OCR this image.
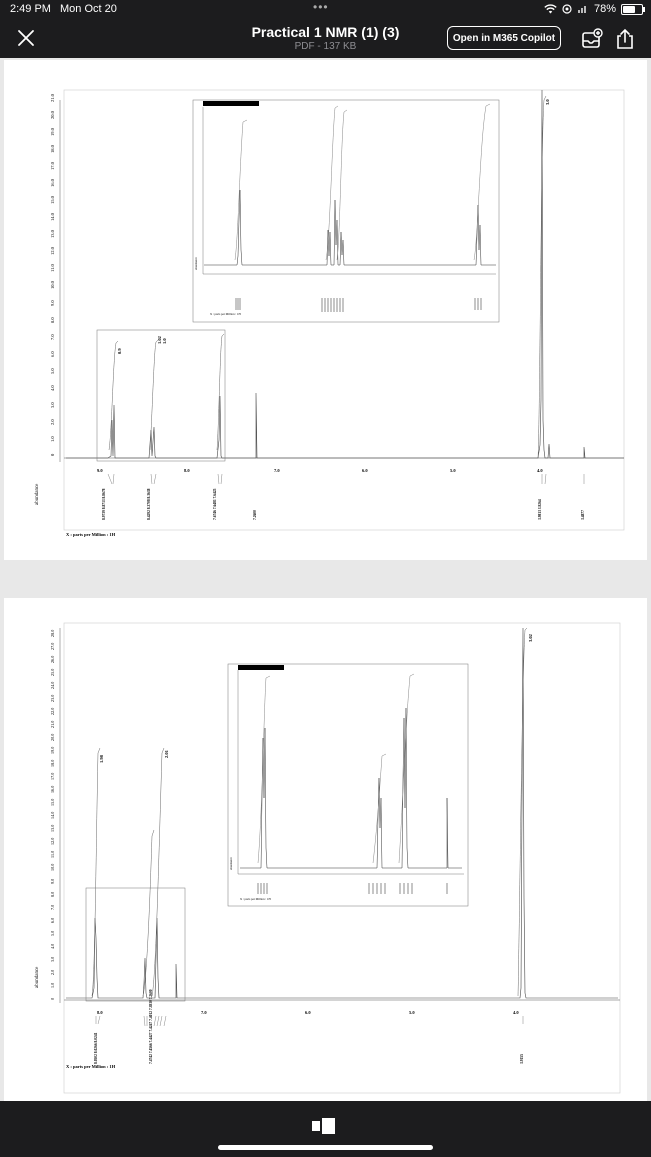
2:49 PM Mon Oct 20	•••	78%
Practical 1 NMR (1) (3)
PDF - 137 KB
Open in M365 Copilot
abundance
0
1.0
2.0
3.0
4.0
5.0
6.0
7.0
8.0
9.0
10.0
11.0
12.0
13.0
14.0
15.0
16.0
17.0
18.0
19.0
20.0
21.0
0.9
1.02 1.0
3.0
9.0	8.0	7.0	6.0	5.0	4.0
8.9739 8.8713 8.8678	8.4292 8.3708 8.3638	7.6746 7.6481 7.6425	7.2600	3.9813 3.9264	3.4877
X : parts per Million : 1H
abundance
X : parts per Million : 1H
abundance
0
1.0
2.0
3.0
4.0
5.0
6.0
7.0
8.0
9.0
10.0
11.0
12.0
13.0
14.0
15.0
16.0
17.0
18.0
19.0
20.0
21.0
22.0
23.0
24.0
25.0
26.0
27.0
28.0
1.98
2.01
3.02
8.0	7.0	6.0	5.0	4.0
8.0502 8.0266 8.0241	7.4742 7.4566 7.4427 7.4247 7.4012 7.3830 7.2600	3.9155
X : parts per Million : 1H
abundance
X : parts per Million : 1H
